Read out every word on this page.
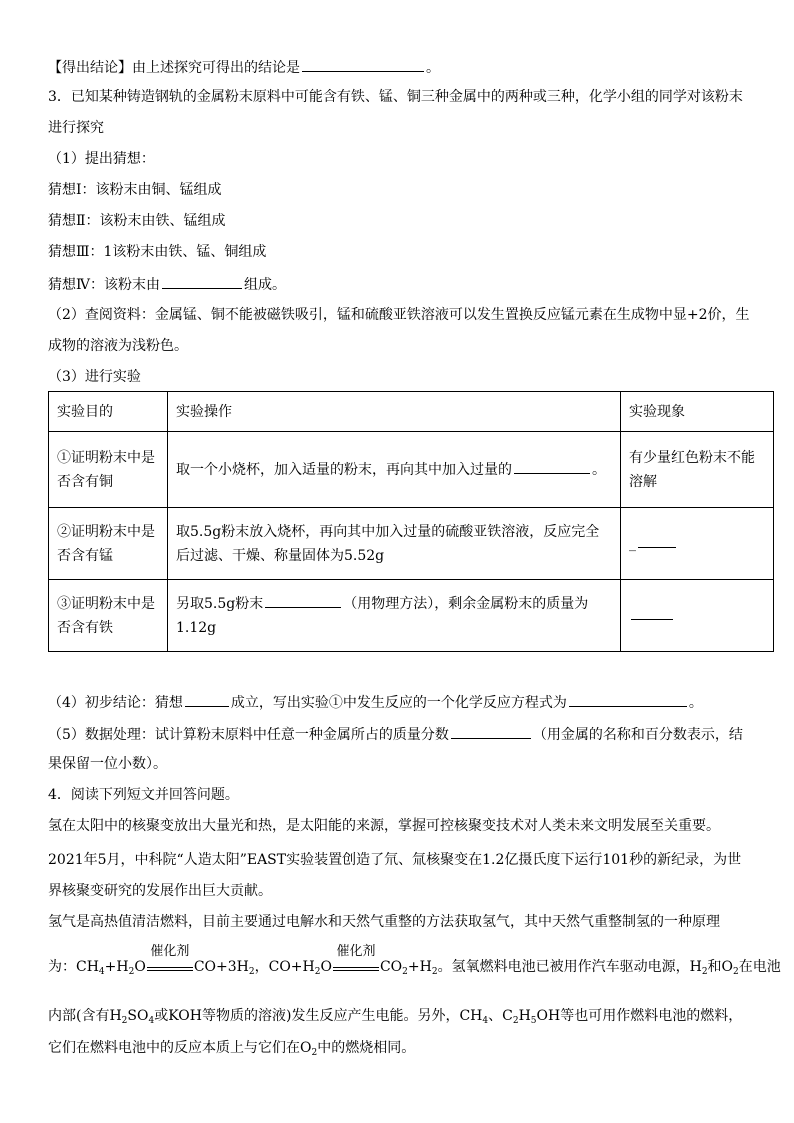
【得出结论】由上述探究可得出的结论是	。
3．已知某种铸造钢轨的金属粉末原料中可能含有铁、锰、铜三种金属中的两种或三种，化学小组的同学对该粉末
进行探究
（1）提出猜想：
猜想Ⅰ：该粉末由铜、锰组成
猜想Ⅱ：该粉末由铁、锰组成
猜想Ⅲ：1该粉末由铁、锰、铜组成
猜想Ⅳ：该粉末由	组成。
（2）查阅资料：金属锰、铜不能被磁铁吸引，锰和硫酸亚铁溶液可以发生置换反应锰元素在生成物中显+2价，生
成物的溶液为浅粉色。
（3）进行实验
实验目的	实验操作	实验现象
①证明粉末中是否含有铜	取一个小烧杯，加入适量的粉末，再向其中加入过量的 。	有少量红色粉末不能溶解
②证明粉末中是否含有锰	取5.5g粉末放入烧杯，再向其中加入过量的硫酸亚铁溶液，反应完全后过滤、干燥、称量固体为5.52g	_
③证明粉末中是否含有铁	另取5.5g粉末 （用物理方法），剩余金属粉末的质量为1.12g	
（4）初步结论：猜想	成立，写出实验①中发生反应的一个化学反应方程式为	。
（5）数据处理：试计算粉末原料中任意一种金属所占的质量分数	（用金属的名称和百分数表示，结
果保留一位小数）。
4．阅读下列短文并回答问题。
氢在太阳中的核聚变放出大量光和热，是太阳能的来源，掌握可控核聚变技术对人类未来文明发展至关重要。
2021年5月，中科院“人造太阳”EAST实验装置创造了氘、氚核聚变在1.2亿摄氏度下运行101秒的新纪录，为世
界核聚变研究的发展作出巨大贡献。
氢气是高热值清洁燃料，目前主要通过电解水和天然气重整的方法获取氢气，其中天然气重整制氢的一种原理
为：$CH_4+H_2O$
催化剂
$CO+3H_2$，$CO+H_2O$
催化剂
$CO_2+H_2$。氢氧燃料电池已被用作汽车驱动电源，$H_2$和$O_2$在电池
内部(含有$H_2SO_4$或KOH等物质的溶液)发生反应产生电能。另外，$CH_4$、$C_2H_5OH$等也可用作燃料电池的燃料，
它们在燃料电池中的反应本质上与它们在$O_2$中的燃烧相同。
